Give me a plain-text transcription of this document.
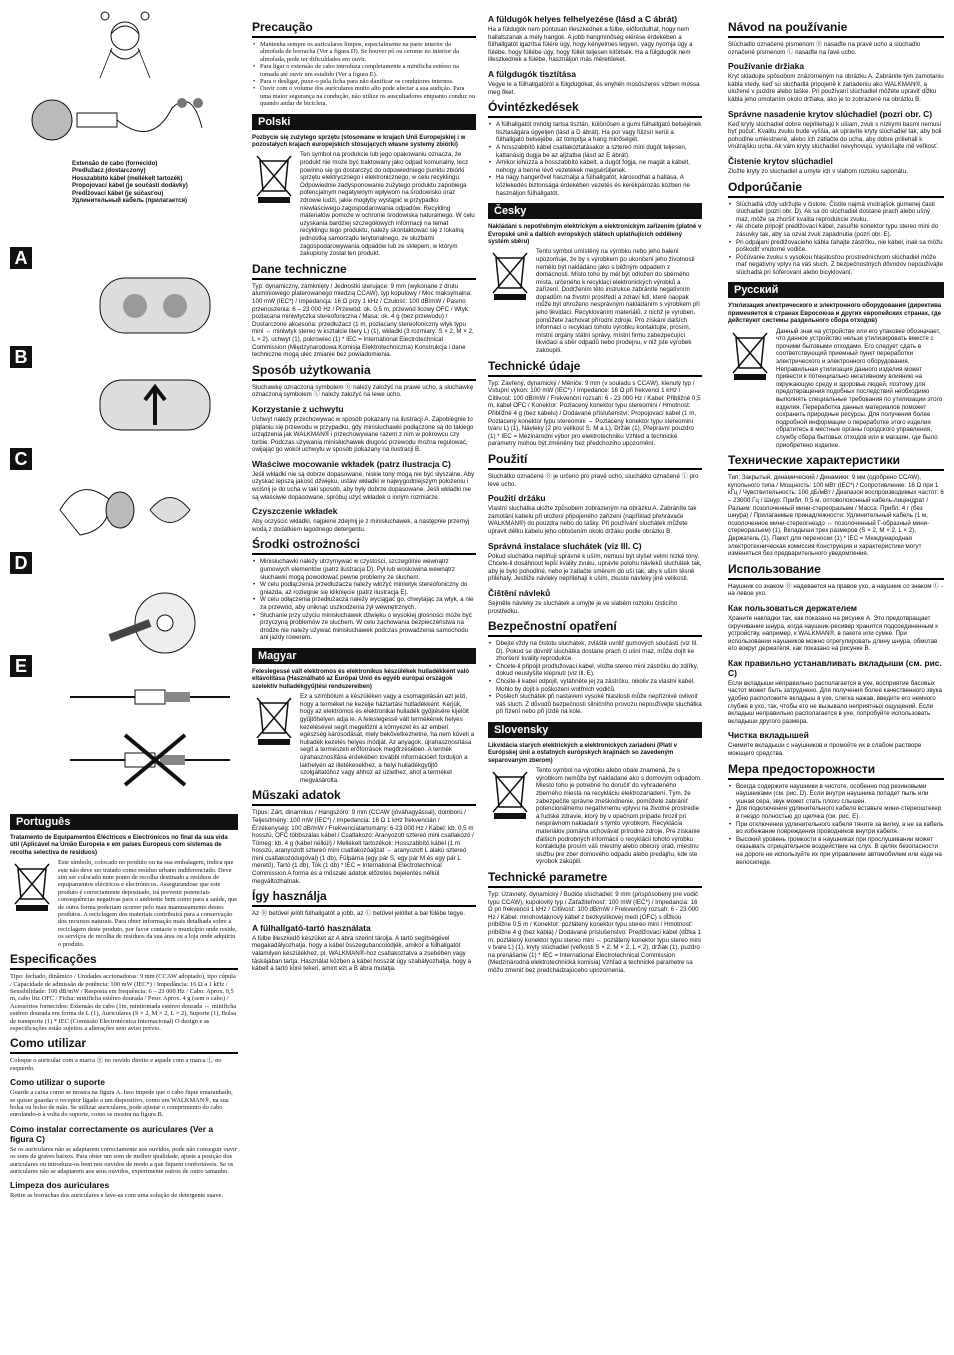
Extensão de cabo (fornecido)
Predlužacz (dostarczony)
Hosszabbító kábel (mellékelt tartozék)
Propojovací kábel (je součástí dodávky)
Predĺžovací kábel (je súčasťou)
Удлинительный кабель (прилагается)
A
B
C
D
E
Português
Tratamento de Equipamentos Eléctricos e Electrónicos no final da sua vida útil (Aplicável na União Europeia e em países Europeus com sistemas de recolha selectiva de resíduos)
Este símbolo, colocado no produto ou na sua embalagem, indica que este não deve ser tratado como resíduo urbano indiferenciado. Deve sim ser colocado num ponto de recolha destinado a resíduos de equipamentos eléctricos e electrónicos. Assegurandose que este produto é correctamente depositado, irá prevenir potenciais consequências negativas para o ambiente bem como para a saúde, que de outra forma poderiam ocorrer pelo mau manuseamento destes produtos. A reciclagem dos materiais contribuirá para a conservação dos recursos naturais. Para obter informação mais detalhada sobre a reciclagem deste produto, por favor contacte o município onde reside, os serviços de recolha de resíduos da sua área ou a loja onde adquiriu o produto.
Especificações
Tipo: fechado, dinâmico / Unidades accionadoras: 9 mm (CCAW adoptado), tipo cúpula / Capacidade de admissão de potência: 100 mW (IEC*) / Impedância: 16 Ω a 1 kHz / Sensibilidade: 100 dB/mW / Resposta em frequência: 6 – 23 000 Hz / Cabo: Aprox. 0,5 m, cabo litz OFC / Ficha: minificha estéreo dourada / Peso: Aprox. 4 g (sem o cabo) / Acessórios fornecidos: Extensão de cabo (1m, minitomada estéreo dourada ↔ minificha estéreo dourada em forma de L (1), Auriculares (S × 2, M × 2, L × 2), Suporte (1), Bolsa de transporte (1) * IEC (Comissão Electrotécnica Internacional) O design e as especificações estão sujeitos a alterações sem aviso prévio.
Como utilizar
Coloque o auricular com a marca Ⓡ no ouvido direito e aquele com a marca Ⓛ no esquerdo.
Como utilizar o suporte
Guarde a caixa como se mostra na figura A. Isso impede que o cabo fique emaranhado, se quiser guardar o receptor ligado a um dispositivo, como um WALKMAN®, na sua bolsa ou bolso de mão. Se utilizar auriculares, pode ajustar o comprimento do cabo enrolando-o à volta do suporte, como se mostra na figura B.
Como instalar correctamente os auriculares (Ver a figura C)
Se os auriculares não se adaptarem correctamente aos ouvidos, pode não conseguir ouvir os sons de graves baixos. Para obter um som de melhor qualidade, ajuste a posição dos auriculares ou introduza-os bem nos ouvidos de modo a que fiquem confortáveis. Se os auriculares não se adaptarem aos seus ouvidos, experimente outros de outro tamanho.
Limpeza dos auriculares
Retire as borrachas dos auriculares e lave-as com uma solução de detergente suave.
Precaução
• Mantenha sempre os auriculares limpos, especialmente na parte interior da almofada de borracha (Ver a figura D). Se houver pó ou cerume no interior da almofada, pode ter dificuldades em ouvir.
• Para ligar o extensão de cabo introduza completamente a minificha estéreo na tomada até ouvir um estalido (Ver a figura E).
• Para o desligar, puxe-o pela ficha para não danificar os condutores internos.
• Ouvir com o volume dos auriculares muito alto pode afectar a sua audição. Para uma maior segurança na condução, não utilize os auscultadores enquanto conduz ou quando andar de bicicleta.
Polski
Pozbycie się zużytego sprzętu (stosowane w krajach Unii Europejskiej i w pozostałych krajach europejskich stosujących własne systemy zbiórki)
Ten symbol na produkcie lub jego opakowaniu oznacza, że produkt nie może być traktowany jako odpad komunalny, lecz powinno się go dostarczyć do odpowiedniego punktu zbiórki sprzętu elektrycznego i elektronicznego, w celu recyklingu. Odpowiednie zadysponowanie zużytego produktu zapobiega potencjalnym negatywnym wpływom na środowisko oraz zdrowie ludzi, jakie mogłyby wystąpić w przypadku niewłaściwego zagospodarowania odpadów. Recykling materiałów pomoże w ochronie środowiska naturalnego. W celu uzyskania bardziej szczegółowych informacji na temat recyklingu tego produktu, należy skontaktować się z lokalną jednostką samorządu terytorialnego, ze służbami zagospodarowywania odpadów lub ze sklepem, w którym zakupiony został ten produkt.
Dane techniczne
Typ: dynamiczny, zamknięty / Jednostki sterujące: 9 mm (wykonane z drutu aluminiowego platerowanego miedzią CCAW), typ kopułowy / Moc maksymalna: 100 mW (IEC*) / Impedancja: 16 Ω przy 1 kHz / Czułość: 100 dB/mW / Pasmo przenoszenia: 6 – 23 000 Hz / Przewód: ok. 0,5 m, przewód licowy OFC / Wtyk: pozłacana miniwtyczka stereofoniczna / Masa: ok. 4 g (bez przewodu) / Dostarczone akcesoria: przedłużacz (1 m, pozłacany stereofoniczny wtyk typu mini ↔ miniwtyk stereo w kształcie litery L) (1), wkładki (3 rozmiary: S × 2, M × 2, L × 2), uchwyt (1), pokrowiec (1) * IEC = International Electrotechnical Commission (Międzynarodowa Komisja Elektrotechniczna) Konstrukcja i dane techniczne mogą ulec zmianie bez powiadomienia.
Sposób użytkowania
Słuchawkę oznaczoną symbolem Ⓡ należy założyć na prawe ucho, a słuchawkę oznaczoną symbolem Ⓛ należy założyć na lewe ucho.
Korzystanie z uchwytu
Uchwyt należy przechowywać w sposób pokazany na ilustracji A. Zapobiegnie to plątaniu się przewodu w przypadku, gdy minisłuchawki podłączone są do takiego urządzenia jak WALKMAN® i przechowywane razem z nim w pokrowcu czy torbie. Podczas używania minisłuchawek długość przewodu można regulować, owijając go wokół uchwytu w sposób pokazany na ilustracji B.
Właściwe mocowanie wkładek (patrz ilustracja C)
Jeśli wkładki nie są dobrze dopasowane, niskie tony mogą nie być słyszalne. Aby uzyskać lepszą jakość dźwięku, ustaw wkładki w najwygodniejszym położeniu i wciśnij je do ucha w taki sposób, aby były dobrze dopasowane. Jeśli wkładki nie są właściwie dopasowane, spróbuj użyć wkładek o innym rozmiarze.
Czyszczenie wkładek
Aby oczyścić wkładki, najpierw zdejmij je z minisłuchawek, a następnie przemyj wodą z dodatkiem łagodnego detergentu.
Środki ostrożności
• Minisłuchawki należy utrzymywać w czystości, szczególnie wewnątrz gumowych elementów (patrz ilustracja D). Pył lub woskowina wewnątrz słuchawki mogą powodować pewne problemy ze słuchem.
• W celu podłączenia przedłużacza należy włożyć miniwtyk stereofoniczny do gniazda, aż rozlegnie się kliknięcie (patrz ilustracja E).
• W celu odłączenia przedłużacza należy wyciągać go, chwytając za wtyk, a nie za przewód, aby uniknąć uszkodzenia żył wewnętrznych.
• Słuchanie przy użyciu minisłuchawek dźwięku o wysokiej głośności może być przyczyną problemów ze słuchem. W celu zachowania bezpieczeństwa na drodze nie należy używać minisłuchawek podczas prowadzenia samochodu ani jazdy rowerem.
Magyar
Feleslegessé vált elektromos és elektronikus készülékek hulladékként való eltávolítása (Használható az Európai Unió és egyéb európai országok szelektív hulladékgyűjtési rendszereiben)
Ez a szimbólum a készüléken vagy a csomagolásán azt jelzi, hogy a terméket ne kezelje háztartási hulladékként. Kérjük, hogy az elektromos és elektronikai hulladék gyűjtésére kijelölt gyűjtőhelyen adja le. A feleslegessé vált termékének helyes kezelésével segít megelőzni a környezet és az emberi egészség károsodását, mely bekövetkezhetne, ha nem követi a hulladék kezelés helyes módját. Az anyagok, újrahasznosítása segít a természeti erőforrások megőrzésében. A termék újrahasznosítása érdekében további információért forduljon a lakhelyén az illetékesekhez, a helyi hulladékgyűjtő szolgáltatóhoz vagy ahhoz az üzlethez, ahol a terméket megvásárolta.
Műszaki adatok
Típus: Zárt, dinamikus / Hangszóró: 9 mm (CCAW (jóváhagyással), domború / Teljesítmény: 100 mW (IEC*) / Impedancia: 16 Ω 1 kHz frekvencián / Érzékenység: 100 dB/mW / Frekvenciatartomány: 6-23 000 Hz / Kábel: kb. 0,5 m hosszú, OFC többszálas kábel / Csatlakozó: Aranyozott sztereó mini csatlakozó / Tömeg: kb. 4 g (kábel nélkül) / Mellékelt tartozékok: Hosszabbító kábel (1 m hosszú, aranyozott sztereó mini csatlakozóaljzat ↔ aranyozott L alakú sztereó mini csatlakozódugóval) (1 db), Fülpárna (egy pár S, egy pár M és egy pár L méretű), Tartó (1 db), Tok (1 db) * IEC = International Electrotechnical Commission A forma és a műszaki adatok előzetes bejelentés nélkül megváltozhatnak.
Így használja
Az Ⓡ betűvel jelölt fülhallgatót a jobb, az Ⓛ betűvel jelöltet a bal fülébe tegye.
A fülhallgató-tartó használata
A fülbe illeszkedő készüket az A ábra szerint tárolja. A tartó segítségével megakadályozhatja, hogy a kábel összegubancolódjék, amikor a fülhallgatót valamilyen készülékhez, pl. WALKMAN®-hoz csatlakoztatva a zsebében vagy táskájában tartja. Használat közben a kábel hosszát úgy szabályozhatja, hogy a kábelt a tartó köré tekeri, amint ezt a B ábra mutatja.
A füldugók helyes felhelyezése (lásd a C ábrát)
Ha a füldugók nem pontosan illeszkednek a fülbe, előfordulhat, hogy nem hallatszanak a mély hangok. A jobb hangminőség elérése érdekében a fülhallgatót igazítsa fülére úgy, hogy kényelmes legyen, vagy nyomja úgy a fülébe, hogy füllébe úgy, hogy füllét teljesen kitöltsék. Ha a fülgdugók nem illeszkednek a fülébe, használjon más méretűeket.
A fülgdugók tisztítása
Vegye le a fülhallgatóról a fülgdugókat, és enyhén mosószeres vízben mossa meg őket.
Óvintézkedések
• A fülhallgatót mindig tartsa tisztán, különösen a gumi fülhallgató belsejének tisztaságára ügyeljen (lásd a D ábrát). Ha por vagy fülzsír kerül a fülhallgató belsejébe, az tompítja a hang minőségét.
• A hosszabbító kábel csatlakoztatásakor a sztereó mini dugót teljesen, kattanásig dugja be az aljzatba (lásd az E ábrát).
• Amikor kihúzza a hosszabbító kábelt, a dugót fogja, ne magát a kábelt, nehogy a benne lévő vezetékek megsérüljenek.
• Ha nagy hangerővel használja a fülhallgatót, károsodhat a hallása. A közlekedés biztonsága érdekében vezetés és kerékpározás közben ne használjon fülhallgatót.
Česky
Nakládání s nepotřebným elektrickým a elektronickým zařízením (platné v Evropské unii a dalších evropských státech uplatňujících oddělený systém sběru)
Tento symbol umístěný na výrobku nebo jeho balení upozorňuje, že by s výrobkem po ukončení jeho životnosti nemělo být nakládáno jako s běžným odpadem z domácnosti. Místo toho by měl být odložen do sběrného místa, určeného k recyklaci elektronických výrobků a zařízení. Dodržením této instrukce zabráníte negativním dopadům na životní prostředí a zdraví lidí, které naopak může být ohroženo nesprávným nakládáním s výrobkem při jeho likvidaci. Recyklováním materiálů, z nichž je vyroben, pomůžete zachovat přírodní zdroje. Pro získání dalších informací o recyklaci tohoto výrobku kontaktujte, prosím, místní orgány státní správy, místní firmu zabezpečující likvidaci a sběr odpadů nebo prodejnu, v níž jste výrobek zakoupili.
Technické údaje
Typ: Zavřený, dynamický / Měniče: 9 mm (v souladu s CCAW), klenutý typ / Vstupní výkon: 100 mW (IEC*) / Impedance: 16 Ω při frekvenci 1 kHz / Citlivost: 100 dB/mW / Frekvenční rozsah: 6 - 23 000 Hz / Kabel: Přibližně 0,5 m, kabel OFC / Konektor: Pozlacený konektor typu stereomini / Hmotnost: Přibližně 4 g (bez kabelu) / Dodávané příslušenství: Propojovací kabel (1 m, Pozlacený konektor typu stereomini ↔ Pozlacený konektor typu stereomini tvaru L) (1), Návleky (2 pro velikost S, M a L), Držák (1), Přepravní pouzdro (1) * IEC = Mezinárodní výbor pro elektrotechniku Vzhled a technické parametry mohou být změněny bez předchozího upozornění.
Použití
Sluchátko označené Ⓡ je určeno pro pravé ucho, sluchátko označené Ⓛ pro levé ucho.
Použití držáku
Vlastní sluchátka uložte způsobem zobrazeným na obrázku A. Zabráníte tak zamotání kabelu při uložení připojeného zařízení (například přehrávače WALKMAN®) do pouzdra nebo do tašky. Při používání sluchátek můžete upravit délku kabelu jeho obtočením okolo držáku podle obrázku B.
Správná instalace sluchátek (viz Ill. C)
Pokud sluchátka neplňují správně k uším, nemusí být slyšet velmi nízké tóny. Chcete-li dosáhnout lepší kvality zvuku, upravte polohu návleků sluchátek tak, aby je bylo pohodlné, nebo je zatlačte směrem do uší tak, aby k uším těsně přiléhaly. Jestliže návleky nepřiléhají k uším, zkuste návleky jiné velikosti.
Čištění návleků
Sejměte návleky ze sluchátek a umyjte je ve slabém roztoku čisticího prostředku.
Bezpečnostní opatření
• Dbejte vždy na čistotu sluchátek, zvláště uvnitř gumových součástí (viz Ill. D). Pokud se dovnitř sluchátka dostane prach či ušní maz, může dojít ke zhoršení kvality reprodukce.
• Chcete-li připojit prodlužovací kabel, vložte stereo mini zástrčku do zdířky, dokud neuslyšíte klepnutí (viz Ill. E).
• Chcete-li kabel odpojit, vytáhněte jej za zástrčku, nikoliv za vlastní kabel. Mohlo by dojít k poškození vnitřních vodičů.
• Poslech sluchátek při nastavení vysoké hlasitosti může nepříznivě ovlivnit váš sluch. Z důvodů bezpečnosti silničního provozu nepoužívejte sluchátka při řízení nebo při jízdě na kole.
Slovensky
Likvidácia starých elektrických a elektronických zariadení (Platí v Európskej únii a ostatných európskych krajinách so zavedeným separovaným zberom)
Tento symbol na výrobku alebo obale znamená, že s výrobkom nemôže byť nakladané ako s domovým odpadom. Miesto toho je potrebné ho doručiť do vyhradeného zberného miesta na recykláciu elektrozariadení. Tým, že zabezpečíte správne zneškodnenie, pomôžete zabrániť potencionálnemu negatívnemu vplyvu na životné prostredie a ľudské zdravie, ktorý by v opačnom prípade hrozil pri nesprávnom nakladaní s týmto výrobkom. Recyklácia materiálov pomáha uchovávať prírodné zdroje. Pre získanie ďalších podrobných informácií o recyklácii tohoto výrobku kontaktujte prosím váš miestny alebo obecný úrad, miestnu službu pre zber domového odpadu alebo predajňu, kde ste výrobok zakúpili.
Technické parametre
Typ: Uzavretý, dynamický / Budiče slúchadiel: 9 mm (prispôsobený pre vodič typu CCAW), kupolovitý typ / Zaťažiteľnosť: 100 mW (IEC*) / Impedancia: 16 Ω pri frekvencii 1 kHz / Citlivosť: 100 dB/mW / Frekvenčný rozsah: 6 - 23 000 Hz / Kábel: mnohovláknový kábel z bezkyslíkovej medi (OFC) s dĺžkou približne 0,5 m / Konektor: pozlátený konektor typu stereo mini / Hmotnosť: približne 4 g (bez kábla) / Dodávané príslušenstvo: Predlžovací kábel (dĺžka 1 m, pozlátený konektor typu stereo mini ↔ pozlátený konektor typu stereo mini v tvare L) (1), kryty slúchadiel (veľkosti S × 2, M × 2, L × 2), držiak (1), puzdro na prenášanie (1) * IEC = International Electrotechnical Commission (Medzinárodná elektrotechnická komisia) Vzhľad a technické parametre sa môžu zmeniť bez predchádzajúceho upozornenia.
Návod na používanie
Slúchadlo označené písmenom Ⓡ nasaďte na pravé ucho a slúchadlo označené písmenom Ⓛ nasaďte na ľavé ucho.
Používanie držiaka
Kryt skladujte spôsobom znázorneným na obrázku A. Zabránite tým zamotaniu kábla vtedy, keď sú slúchadlá pripojené k zariadeniu ako WALKMAN®, a uložené v puzdre alebo taške. Pri používaní slúchadiel môžete upraviť dĺžku kábla jeho omotaním okolo držiaka, ako je to zobrazené na obrázku B.
Správne nasadenie krytov slúchadiel (pozri obr. C)
Keď kryty slúchadiel dobre nepriliehajú k ušiam, zvuk s nízkymi basmi nemusí byť počuť. Kvalitu zvuku bude vyššia, ak upravíte kryty slúchadiel tak, aby boli pohodlne umiestnené, alebo ich zatlačte do ucha, aby dobre priliehali k vnútrajšku ucha. Ak vám kryty slúchadiel nevyhovujú, vyskúšajte iné veľkosť.
Čistenie krytov slúchadiel
Zložte kryty zo slúchadiel a umyte ich v slabom roztoku saponátu.
Odporúčanie
• Slúchadlá vždy udržujte v čistote. Čistite najmä vnútrajšok gumenej časti slúchadiel (pozri obr. D). Ak sa do slúchadiel dostane prach alebo ušný maz, môže sa zhoršiť kvalita reprodukcie zvuku.
• Ak chcete pripojiť predlžovací kábel, zasuňte konektor typu stereo mini do zásuvky tak, aby sa ozval zvuk zapadnutia (pozri obr. E).
• Pri odpájaní predlžovacieho kábla ťahajte zástrčku, nie kábel, inak sa môžu poškodiť vnútorné vodiče.
• Počúvanie zvuku s vysokou hlasitosťou prostredníctvom slúchadiel môže mať negatívny vplyv na váš sluch. Z bezpečnostných dôvodov nepoužívajte slúchadlá pri šoférovaní alebo bicyklovaní.
Русский
Утилизация электрического и электронного оборудования (директива применяется в странах Евросоюза и других европейских странах, где действуют системы раздельного сбора отходов)
Данный знак на устройстве или его упаковке обозначает, что данное устройство нельзя утилизировать вместе с прочими бытовыми отходами. Его следует сдать в соответствующий приемный пункт переработки электрического и электронного оборудования. Неправильная утилизация данного изделия может привести к потенциально негативному влиянию на окружающую среду и здоровье людей, поэтому для предотвращения подобных последствий необходимо выполнять специальные требования по утилизации этого изделия. Переработка данных материалов поможет сохранить природные ресурсы. Для получения более подробной информации о переработке этого изделия обратитесь в местные органы городского управления, службу сбора бытовых отходов или в магазин, где было приобретено изделие.
Технические характеристики
Тип: Закрытый, динамический / Динамики: 9 мм (одобрено CCAW), купольного типа / Мощность: 100 мВт (IEC*) / Сопротивление: 16 Ω при 1 кГц / Чувствительность: 100 дБ/мВт / Диапазон воспроизводимых частот: 6 – 23000 Гц / Шнур: Прибл. 0,5 м, оптоволоконный кабель-лицендрат / Разъем: позолоченный мини-стереоразъем / Масса: Прибл. 4 г (без шнура) / Прилагаемые принадлежности: Удлинительный кабель (1 м, позолоченное мини-стереогнездо ↔ позолоченный Г-образный мини-стереоразъем) (1), Вкладыши трех размеров (S × 2, M × 2, L × 2), Держатель (1), Пакет для переноски (1) * IEC = Международная электротехническая комиссия Конструкция и характеристики могут изменяться без предварительного уведомления.
Использование
Наушник со знаком Ⓡ надевается на правое ухо, а наушник со знаком Ⓛ - на левое ухо.
Как пользоваться держателем
Храните накладки так, как показано на рисунке A. Это предотвращает скручивание шнура, когда наушник-ресивер хранится подсоединенным к устройству, например, к WALKMAN®, в пакете или сумке. При использовании наушников можно отрегулировать длину шнура, обмотав его вокруг держателя, как показано на рисунке B.
Как правильно устанавливать вкладыши (см. рис. C)
Если вкладыши неправильно располагается в ухе, восприятие басовых частот может быть затруднено. Для получения более качественного звука удобно расположите вкладыш в ухе, слегка нажав, введите его немного глубже в ухо, так, чтобы его не вызывало неприятных ощущений. Если вкладыш неправильно располагается в ухе, попробуйте использовать вкладыши другого размера.
Чистка вкладышей
Снимите вкладыши с наушников и промойте их в слабом растворе моющего средства.
Мера предосторожности
• Всегда содержите наушники в чистоте, особенно под резиновыми наушниками (см. рис. D). Если внутри наушника попадет пыль или ушная сера, звук может стать плохо слышен.
• Для подключения удлинительного кабеля вставьте мини-стереоштекер в гнездо полностью до щелчка (см. рис. E).
• При отключении удлинительного кабеля тяните за вилку, а не за кабель во избежание повреждения проводников внутри кабеля.
• Высокий уровень громкости в наушниках при прослушивании может оказывать отрицательное воздействие на слух. В целях безопасности на дороге не используйте их при управлении автомобилем или езде на велосипеде.
